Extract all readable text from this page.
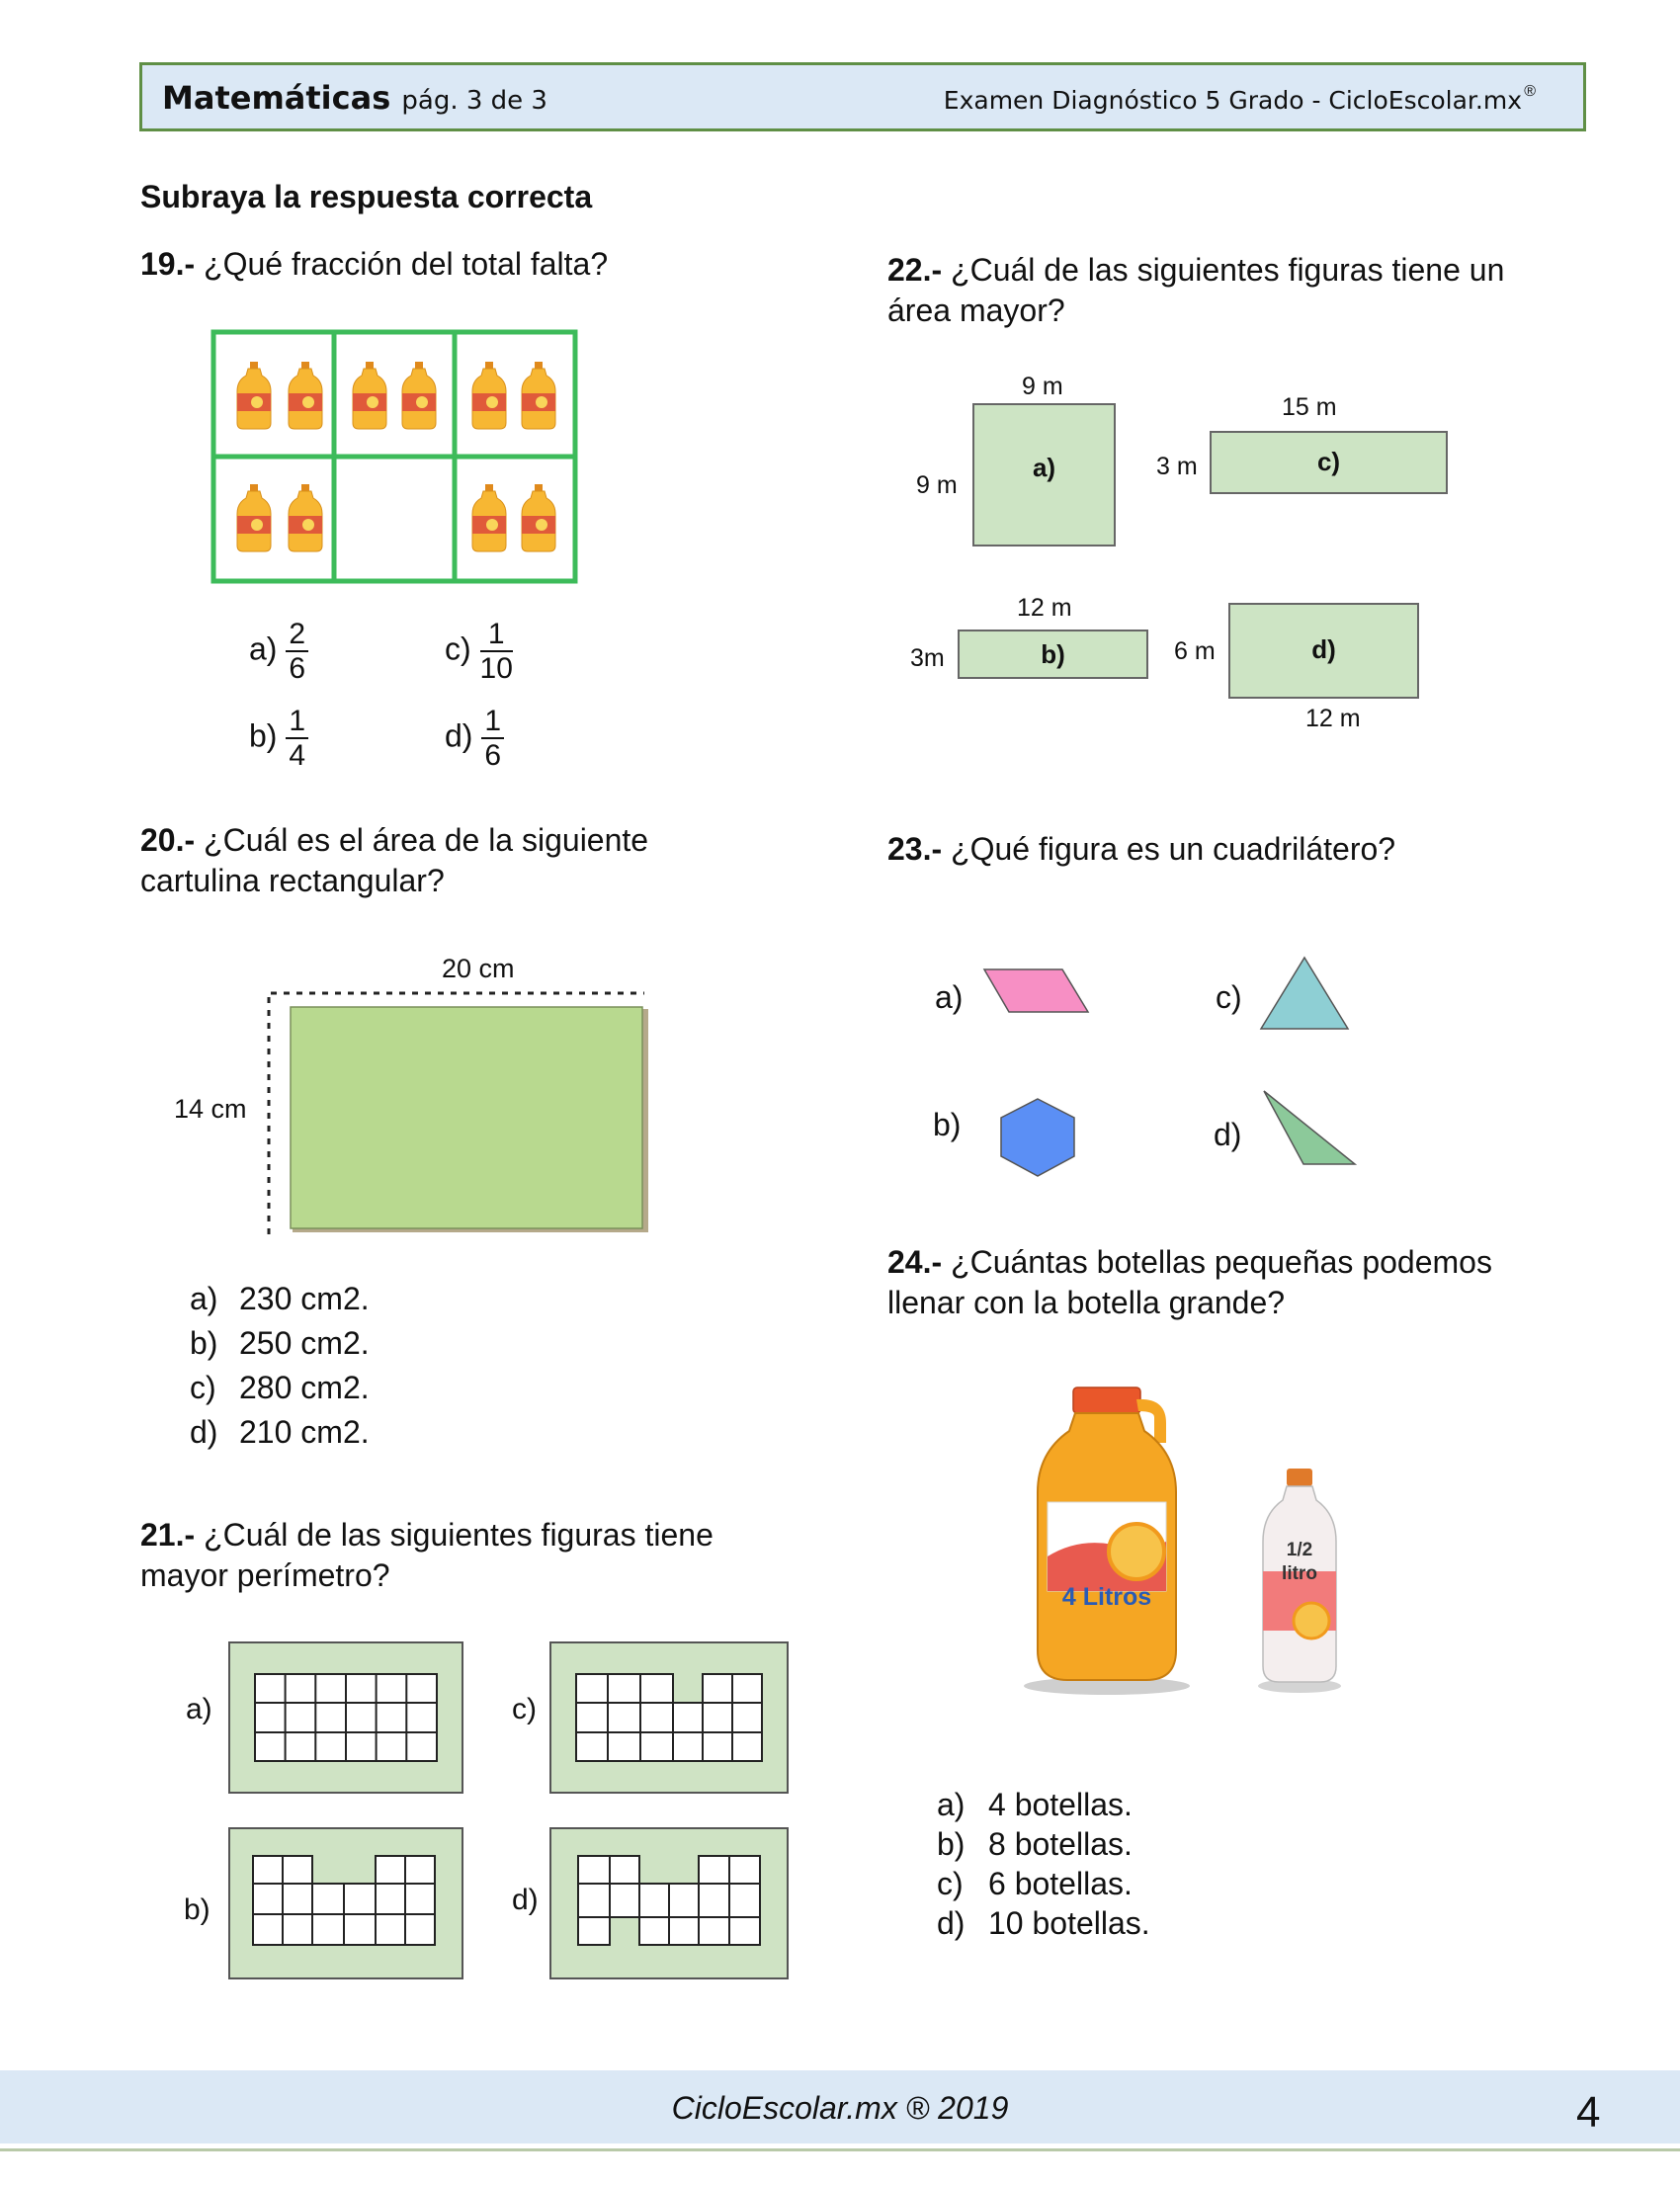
Matemáticas pág. 3 de 3	Examen Diagnóstico 5 Grado - CicloEscolar.mx ®
Subraya la respuesta correcta
19.- ¿Qué fracción del total falta?
$a) \frac{2}{6}$	$c) \frac{1}{10}$
$b) \frac{1}{4}$	$d) \frac{1}{6}$
20.- ¿Cuál es el área de la siguiente
cartulina rectangular?
20 cm
14 cm
a) 230 cm2.
b) 250 cm2.
c) 280 cm2.
d) 210 cm2.
21.- ¿Cuál de las siguientes figuras tiene
mayor perímetro?
a)	c)
b)	d)
22.- ¿Cuál de las siguientes figuras tiene un
área mayor?
a)
9 m
9 m
c)
15 m
3 m
b)
12 m
3m	d)
12 m
6 m
23.- ¿Qué figura es un cuadrilátero?
a)	c)
b)	d)
24.- ¿Cuántas botellas pequeñas podemos
llenar con la botella grande?
4 Litros
1/2
litro
a) 4 botellas.
b) 8 botellas.
c) 6 botellas.
d) 10 botellas.
CicloEscolar.mx ® 2019	4
